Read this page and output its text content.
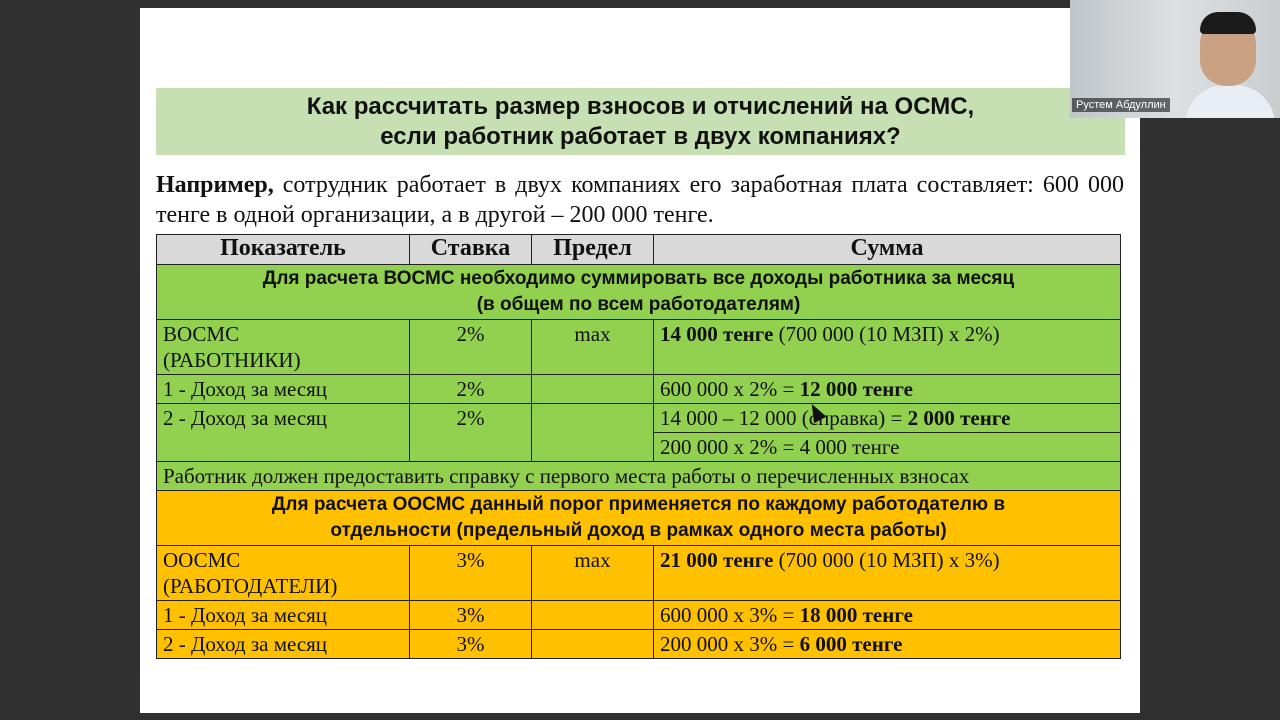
Как рассчитать размер взносов и отчислений на ОСМС,
если работник работает в двух компаниях?
Например, сотрудник работает в двух компаниях его заработная плата составляет: 600 000 тенге в одной организации, а в другой – 200 000 тенге.
Показатель	Ставка	Предел	Сумма

Для расчета ВОСМС необходимо суммировать все доходы работника за месяц
(в общем по всем работодателям)			

ВОСМС
(РАБОТНИКИ)	2%	max	14 000 тенге (700 000 (10 МЗП) х 2%)
1 - Доход за месяц	2%		600 000 х 2% = 12 000 тенге
2 - Доход за месяц	2%		14 000 – 12 000 (справка) = 2 000 тенге
			200 000 х 2% = 4 000 тенге
Работник должен предоставить справку с первого места работы о перечисленных взносах			

Для расчета ООСМС данный порог применяется по каждому работодателю в
отдельности (предельный доход в рамках одного места работы)			

ООСМС
(РАБОТОДАТЕЛИ)	3%	max	21 000 тенге (700 000 (10 МЗП) х 3%)
1 - Доход за месяц	3%		600 000 х 3% = 18 000 тенге
2 - Доход за месяц	3%		200 000 х 3% = 6 000 тенге
Рустем Абдуллин
